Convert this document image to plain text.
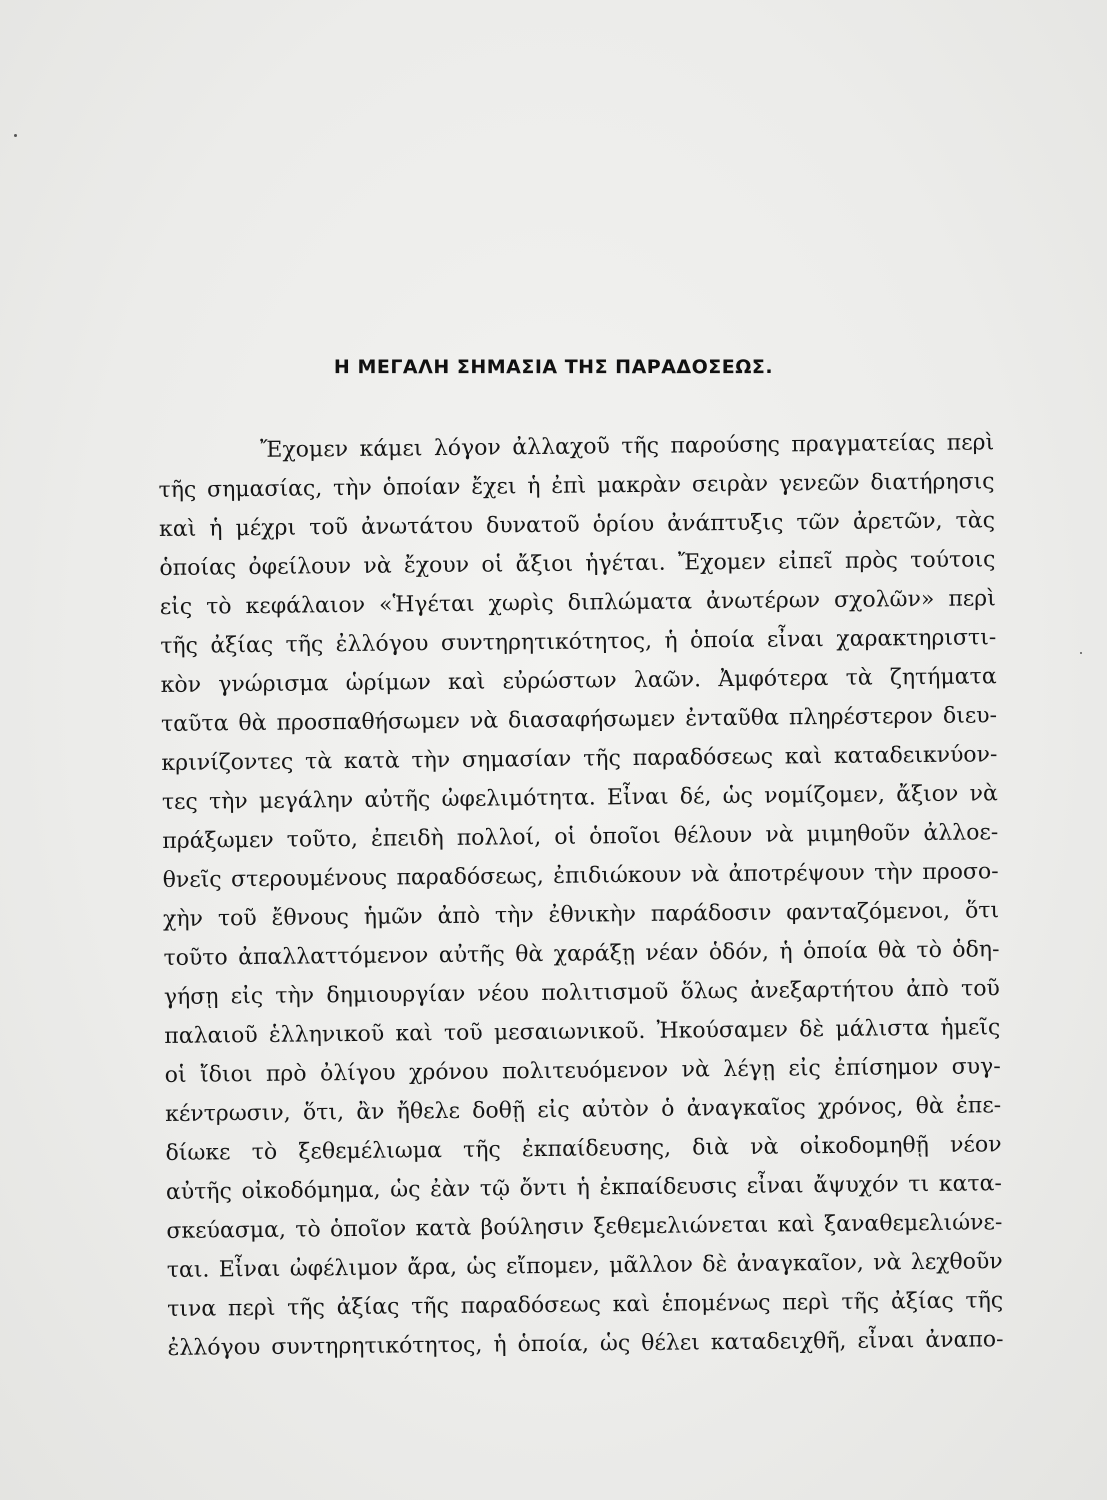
Η ΜΕΓΑΛΗ ΣΗΜΑΣΙΑ ΤΗΣ ΠΑΡΑΔΟΣΕΩΣ.
Ἔχομεν κάμει λόγον ἀλλαχοῦ τῆς παρούσης πραγματείας περὶ
τῆς σημασίας, τὴν ὁποίαν ἔχει ἡ ἐπὶ μακρὰν σειρὰν γενεῶν διατήρησις
καὶ ἡ μέχρι τοῦ ἀνωτάτου δυνατοῦ ὁρίου ἀνάπτυξις τῶν ἀρετῶν, τὰς
ὁποίας ὀφείλουν νὰ ἔχουν οἱ ἄξιοι ἡγέται. Ἔχομεν εἰπεῖ πρὸς τούτοις
εἰς τὸ κεφάλαιον «Ἡγέται χωρὶς διπλώματα ἀνωτέρων σχολῶν» περὶ
τῆς ἀξίας τῆς ἐλλόγου συντηρητικότητος, ἡ ὁποία εἶναι χαρακτηριστι-
κὸν γνώρισμα ὡρίμων καὶ εὐρώστων λαῶν. Ἀμφότερα τὰ ζητήματα
ταῦτα θὰ προσπαθήσωμεν νὰ διασαφήσωμεν ἐνταῦθα πληρέστερον διευ-
κρινίζοντες τὰ κατὰ τὴν σημασίαν τῆς παραδόσεως καὶ καταδεικνύον-
τες τὴν μεγάλην αὐτῆς ὠφελιμότητα. Εἶναι δέ, ὡς νομίζομεν, ἄξιον νὰ
πράξωμεν τοῦτο, ἐπειδὴ πολλοί, οἱ ὁποῖοι θέλουν νὰ μιμηθοῦν ἀλλοε-
θνεῖς στερουμένους παραδόσεως, ἐπιδιώκουν νὰ ἀποτρέψουν τὴν προσο-
χὴν τοῦ ἔθνους ἡμῶν ἀπὸ τὴν ἐθνικὴν παράδοσιν φανταζόμενοι, ὅτι
τοῦτο ἀπαλλαττόμενον αὐτῆς θὰ χαράξῃ νέαν ὁδόν, ἡ ὁποία θὰ τὸ ὁδη-
γήσῃ εἰς τὴν δημιουργίαν νέου πολιτισμοῦ ὅλως ἀνεξαρτήτου ἀπὸ τοῦ
παλαιοῦ ἑλληνικοῦ καὶ τοῦ μεσαιωνικοῦ. Ἠκούσαμεν δὲ μάλιστα ἡμεῖς
οἱ ἴδιοι πρὸ ὀλίγου χρόνου πολιτευόμενον νὰ λέγῃ εἰς ἐπίσημον συγ-
κέντρωσιν, ὅτι, ἂν ἤθελε δοθῇ εἰς αὐτὸν ὁ ἀναγκαῖος χρόνος, θὰ ἐπε-
δίωκε τὸ ξεθεμέλιωμα τῆς ἐκπαίδευσης, διὰ νὰ οἰκοδομηθῇ νέον
αὐτῆς οἰκοδόμημα, ὡς ἐὰν τῷ ὄντι ἡ ἐκπαίδευσις εἶναι ἄψυχόν τι κατα-
σκεύασμα, τὸ ὁποῖον κατὰ βούλησιν ξεθεμελιώνεται καὶ ξαναθεμελιώνε-
ται. Εἶναι ὠφέλιμον ἄρα, ὡς εἴπομεν, μᾶλλον δὲ ἀναγκαῖον, νὰ λεχθοῦν
τινα περὶ τῆς ἀξίας τῆς παραδόσεως καὶ ἑπομένως περὶ τῆς ἀξίας τῆς
ἐλλόγου συντηρητικότητος, ἡ ὁποία, ὡς θέλει καταδειχθῆ, εἶναι ἀναπο-
